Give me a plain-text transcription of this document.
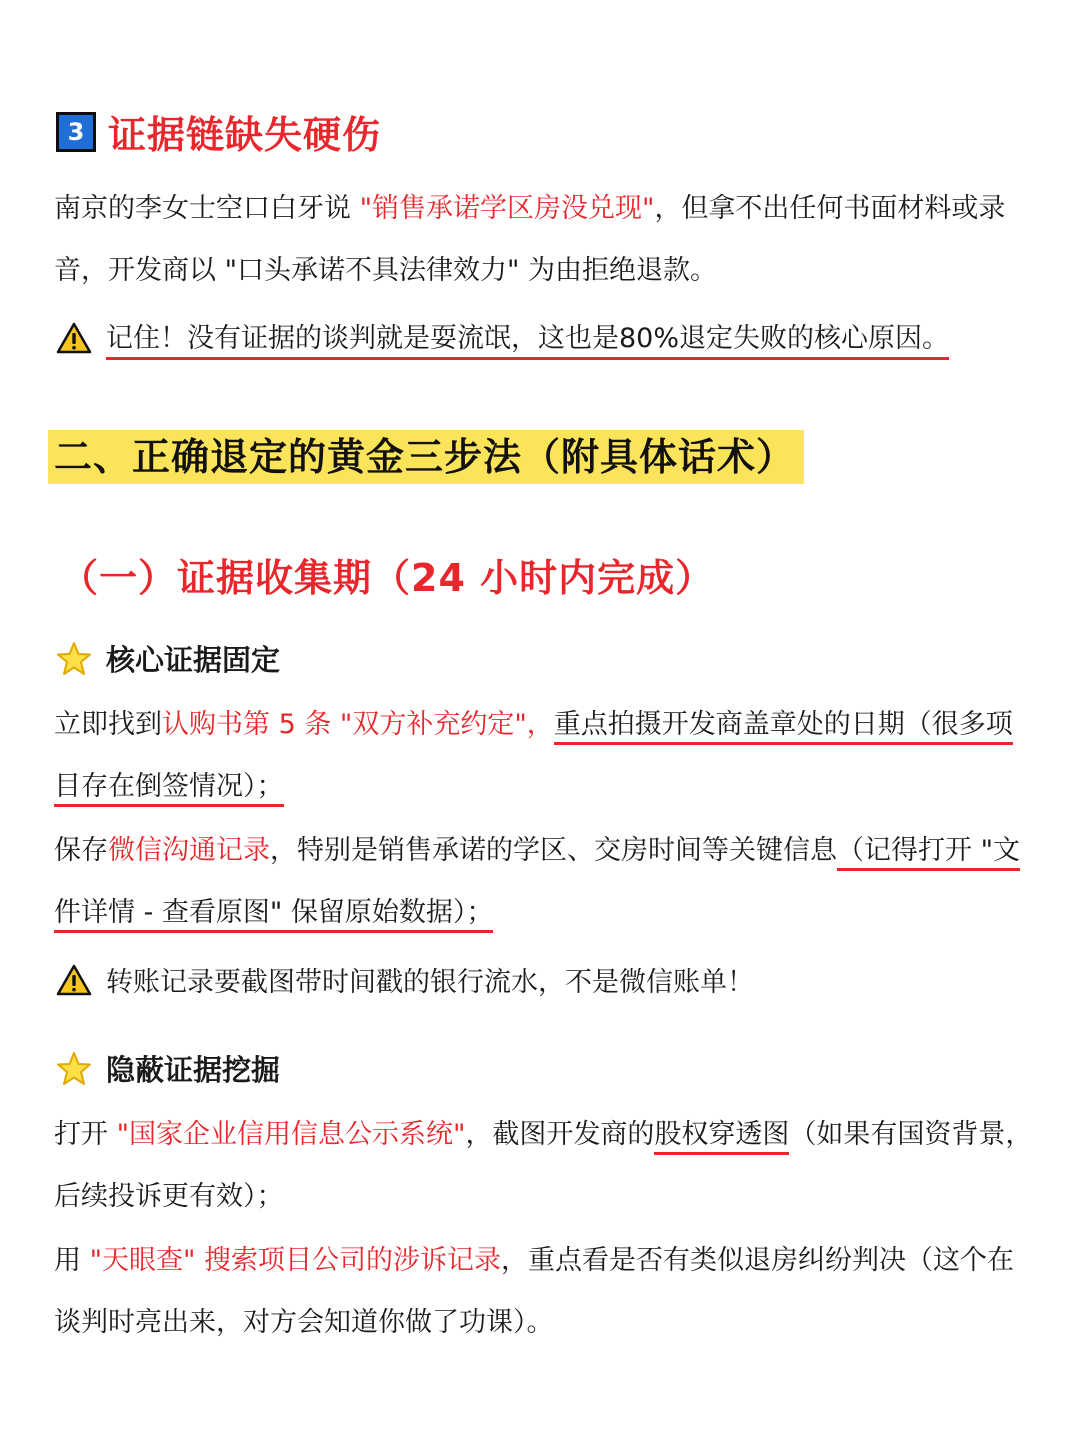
3 证据链缺失硬伤
南京的李女士空口白牙说 "销售承诺学区房没兑现"，但拿不出任何书面材料或录音，开发商以 "口头承诺不具法律效力" 为由拒绝退款。
记住！没有证据的谈判就是耍流氓，这也是80%退定失败的核心原因。
二、正确退定的黄金三步法（附具体话术）
（一）证据收集期（24 小时内完成）
核心证据固定
立即找到认购书第 5 条 "双方补充约定"，重点拍摄开发商盖章处的日期（很多项目存在倒签情况）；
保存微信沟通记录，特别是销售承诺的学区、交房时间等关键信息（记得打开 "文件详情 - 查看原图" 保留原始数据）；
转账记录要截图带时间戳的银行流水，不是微信账单！
隐蔽证据挖掘
打开 "国家企业信用信息公示系统"，截图开发商的股权穿透图（如果有国资背景，后续投诉更有效）；
用 "天眼查" 搜索项目公司的涉诉记录，重点看是否有类似退房纠纷判决（这个在谈判时亮出来，对方会知道你做了功课）。
